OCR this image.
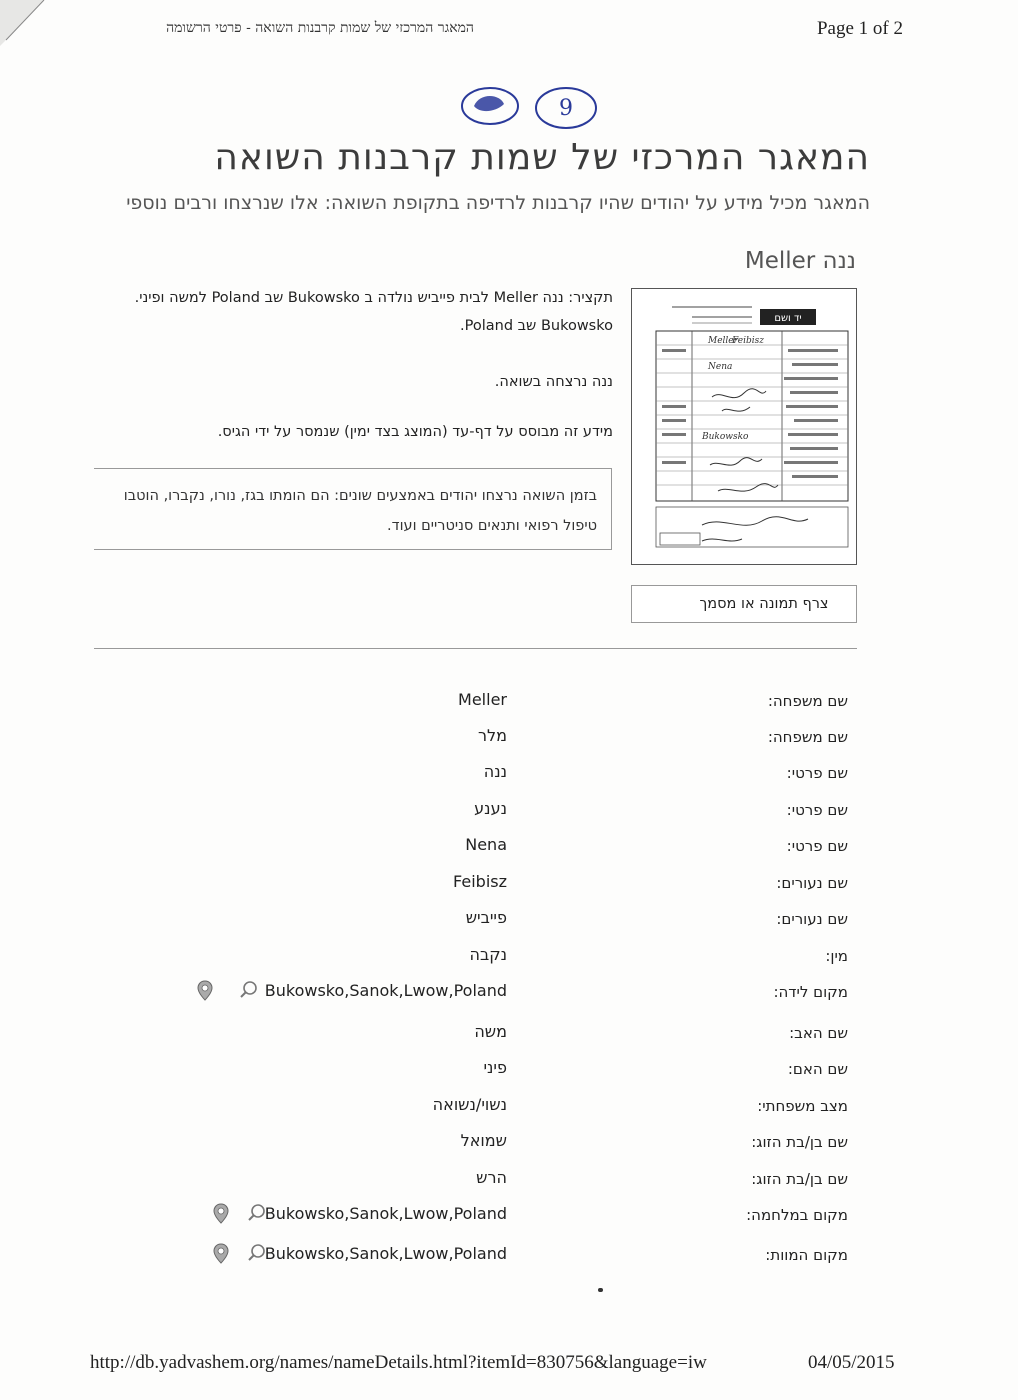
המאגר המרכזי של שמות קרבנות השואה - פרטי הרשומה	Page 1 of 2
9
המאגר המרכזי של שמות קרבנות השואה
המאגר מכיל מידע על יהודים שהיו קרבנות לרדיפה בתקופת השואה: אלו שנרצחו ורבים נוספי
ננה Meller

תקציר: ננה Meller לבית פייביש נולדה ב Bukowsko שב Poland למשה ופיני.

Bukowsko שב Poland.

ננה נרצחה בשואה.

מידע זה מבוסס על דף-עד (המוצג בצד ימין) שנמסר על ידי הגיס.

בזמן השואה נרצחו יהודים באמצעים שונים: הם הומתו בגז, נורו, נקברו, הוטבו

טיפול רפואי ותנאים סניטריים ועוד.

יד ושם
Meller
Feibisz
Nena
Bukowsko
צרף תמונה או מסמך
שם משפחה:
Meller
שם משפחה:
מלר
שם פרטי:
ננה
שם פרטי:
נענע
שם פרטי:
Nena
שם נעורים:
Feibisz
שם נעורים:
פייביש
מין:
נקבה
מקום לידה:
Bukowsko,Sanok,Lwow,Poland
שם האב:
משה
שם האם:
פיני
מצב משפחתי:
נשוי/נשואה
שם בן/בת הזוג:
שמואל
שם בן/בת הזוג:
הרש
מקום במלחמה:
Bukowsko,Sanok,Lwow,Poland
מקום המוות:
Bukowsko,Sanok,Lwow,Poland
http://db.yadvashem.org/names/nameDetails.html?itemId=830756&language=iw	04/05/2015
